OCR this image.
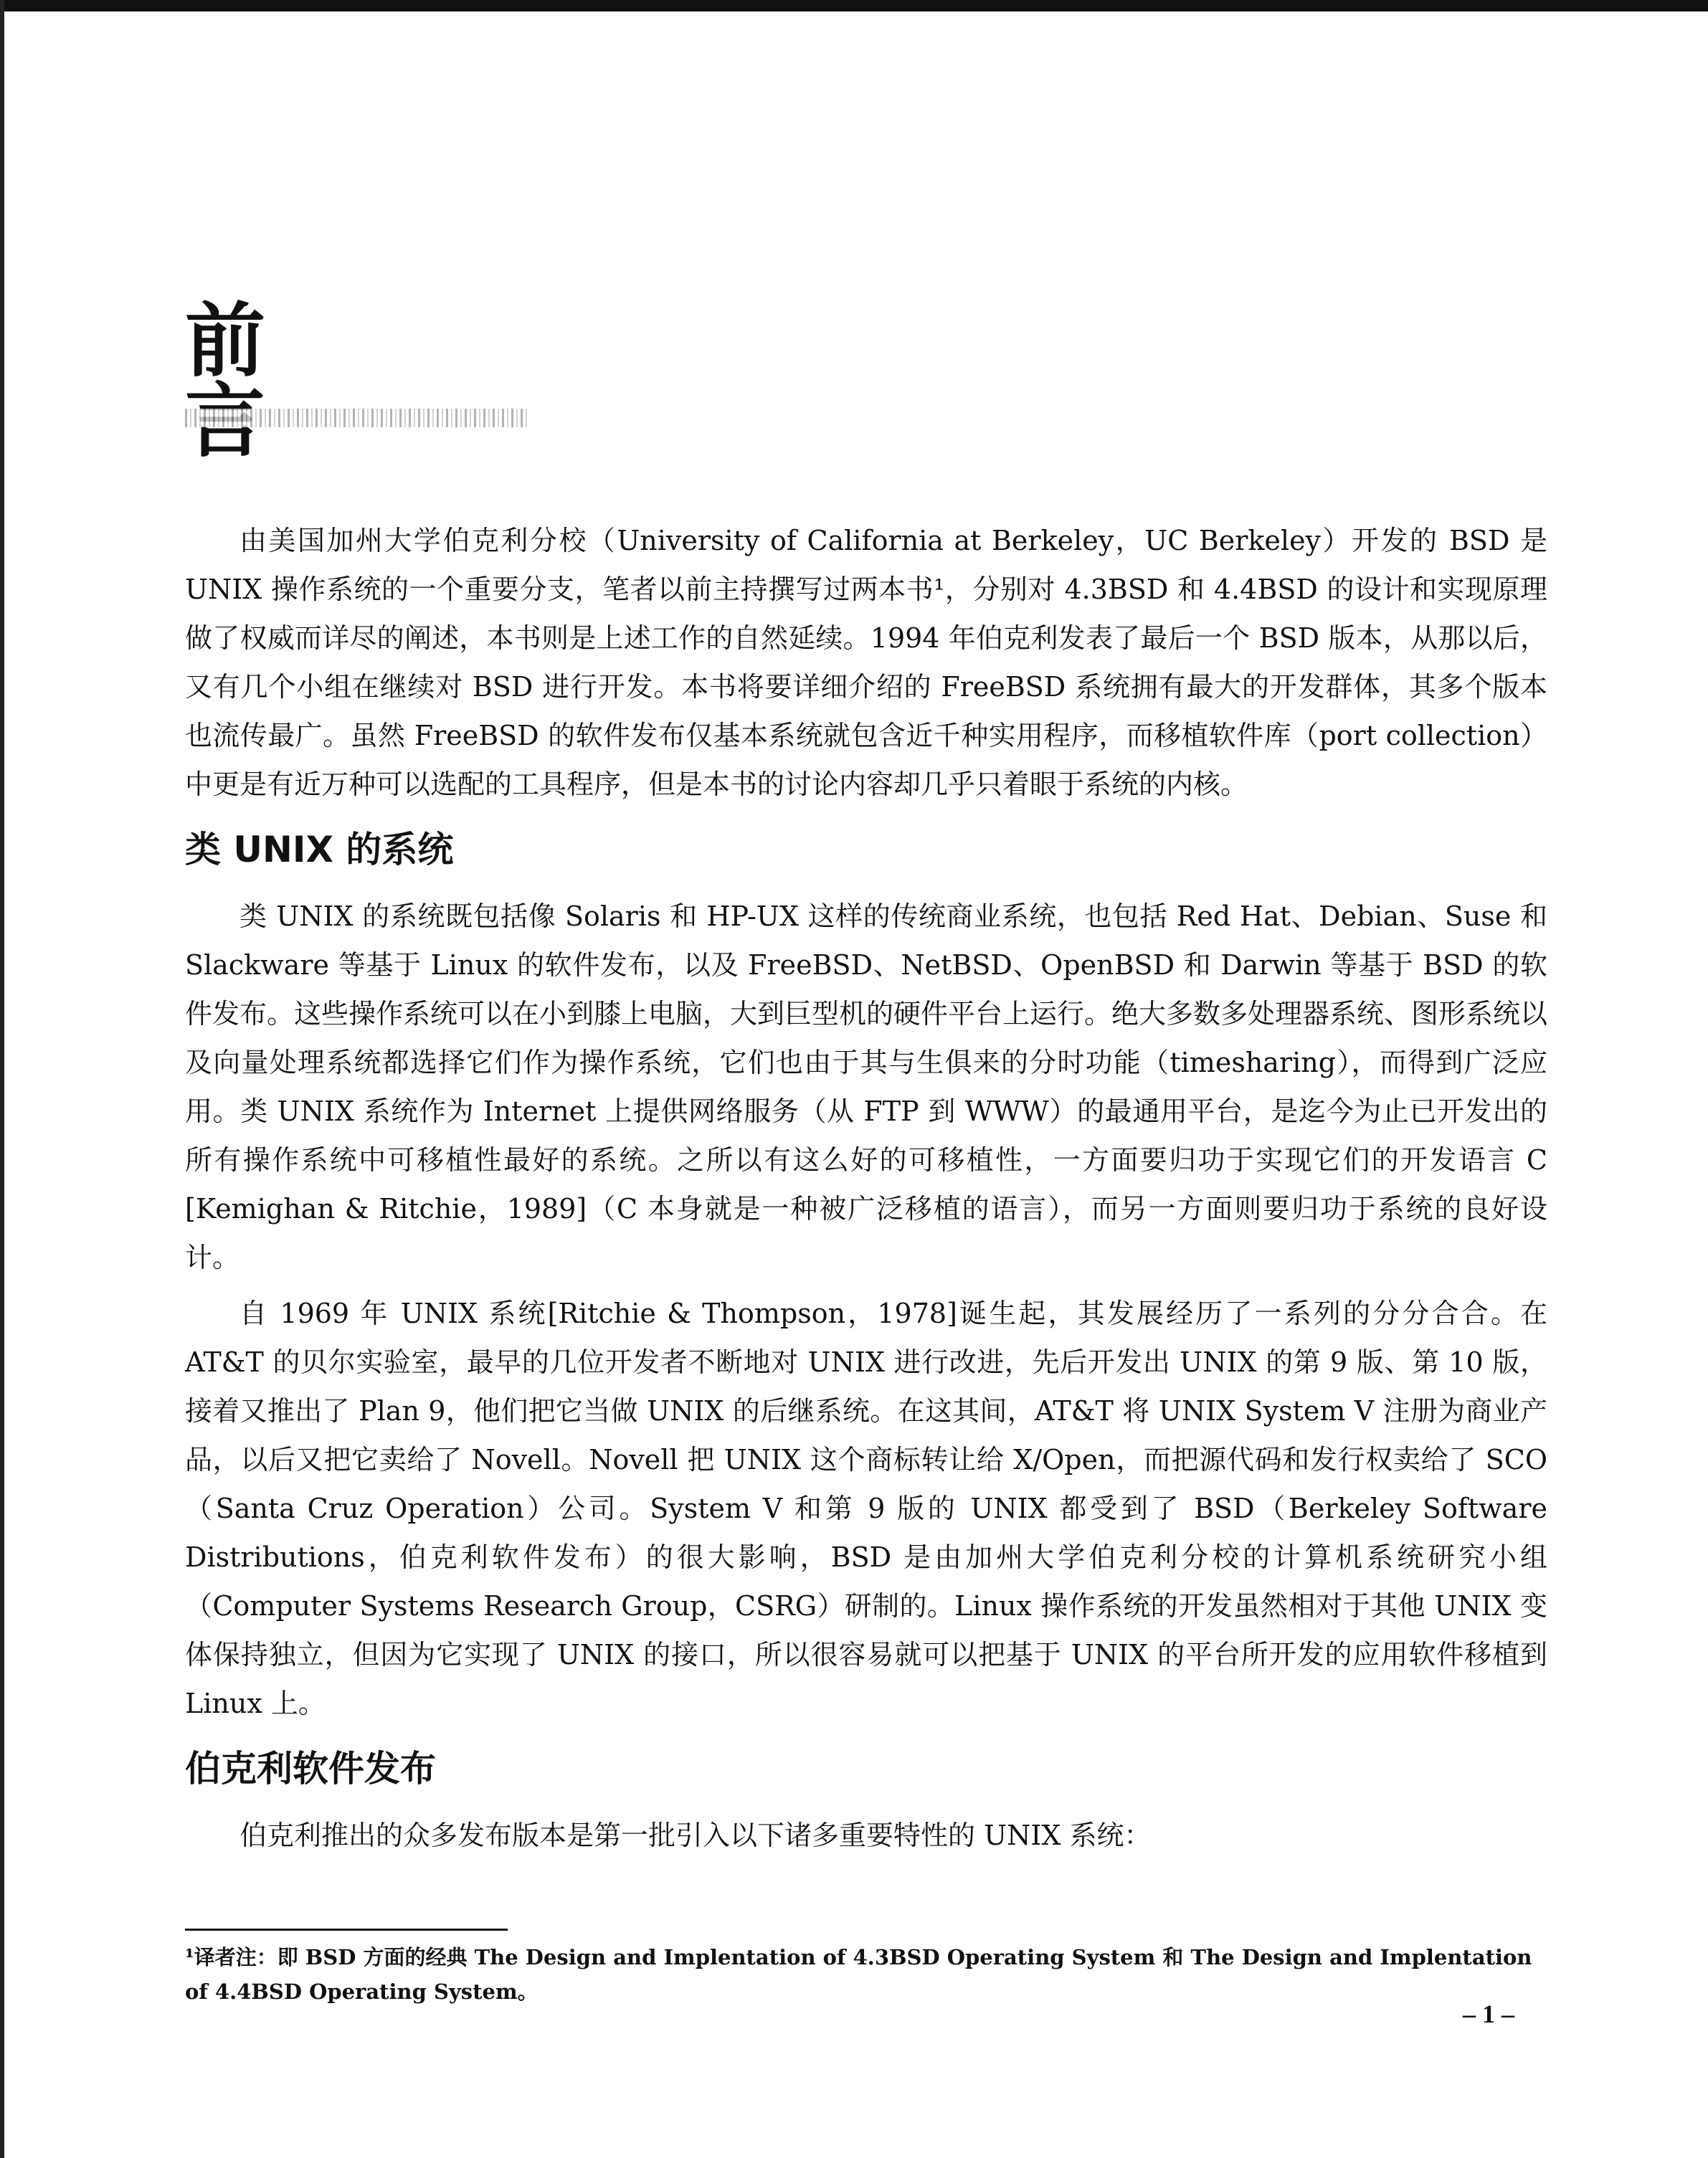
前

由美国加州大学伯克利分校（University of California at Berkeley，UC Berkeley）开发的 BSD 是 UNIX 操作系统的一个重要分支，笔者以前主持撰写过两本书¹，分别对 4.3BSD 和 4.4BSD 的设计和实现原理做了权威而详尽的阐述，本书则是上述工作的自然延续。1994 年伯克利发表了最后一个 BSD 版本，从那以后，又有几个小组在继续对 BSD 进行开发。本书将要详细介绍的 FreeBSD 系统拥有最大的开发群体，其多个版本也流传最广。虽然 FreeBSD 的软件发布仅基本系统就包含近千种实用程序，而移植软件库（port collection）中更是有近万种可以选配的工具程序，但是本书的讨论内容却几乎只着眼于系统的内核。

类 UNIX 的系统

类 UNIX 的系统既包括像 Solaris 和 HP-UX 这样的传统商业系统，也包括 Red Hat、Debian、Suse 和 Slackware 等基于 Linux 的软件发布，以及 FreeBSD、NetBSD、OpenBSD 和 Darwin 等基于 BSD 的软件发布。这些操作系统可以在小到膝上电脑，大到巨型机的硬件平台上运行。绝大多数多处理器系统、图形系统以及向量处理系统都选择它们作为操作系统，它们也由于其与生俱来的分时功能（timesharing），而得到广泛应用。类 UNIX 系统作为 Internet 上提供网络服务（从 FTP 到 WWW）的最通用平台，是迄今为止已开发出的所有操作系统中可移植性最好的系统。之所以有这么好的可移植性，一方面要归功于实现它们的开发语言 C [Kemighan & Ritchie，1989]（C 本身就是一种被广泛移植的语言），而另一方面则要归功于系统的良好设计。

自 1969 年 UNIX 系统[Ritchie & Thompson，1978]诞生起，其发展经历了一系列的分分合合。在 AT&T 的贝尔实验室，最早的几位开发者不断地对 UNIX 进行改进，先后开发出 UNIX 的第 9 版、第 10 版，接着又推出了 Plan 9，他们把它当做 UNIX 的后继系统。在这其间，AT&T 将 UNIX System V 注册为商业产品，以后又把它卖给了 Novell。Novell 把 UNIX 这个商标转让给 X/Open，而把源代码和发行权卖给了 SCO（Santa Cruz Operation）公司。System V 和第 9 版的 UNIX 都受到了 BSD（Berkeley Software Distributions，伯克利软件发布）的很大影响，BSD 是由加州大学伯克利分校的计算机系统研究小组（Computer Systems Research Group，CSRG）研制的。Linux 操作系统的开发虽然相对于其他 UNIX 变体保持独立，但因为它实现了 UNIX 的接口，所以很容易就可以把基于 UNIX 的平台所开发的应用软件移植到 Linux 上。

伯克利软件发布

伯克利推出的众多发布版本是第一批引入以下诸多重要特性的 UNIX 系统：

¹译者注：即 BSD 方面的经典 The Design and Implentation of 4.3BSD Operating System 和 The Design and Implentation of 4.4BSD Operating System。

– 1 –
